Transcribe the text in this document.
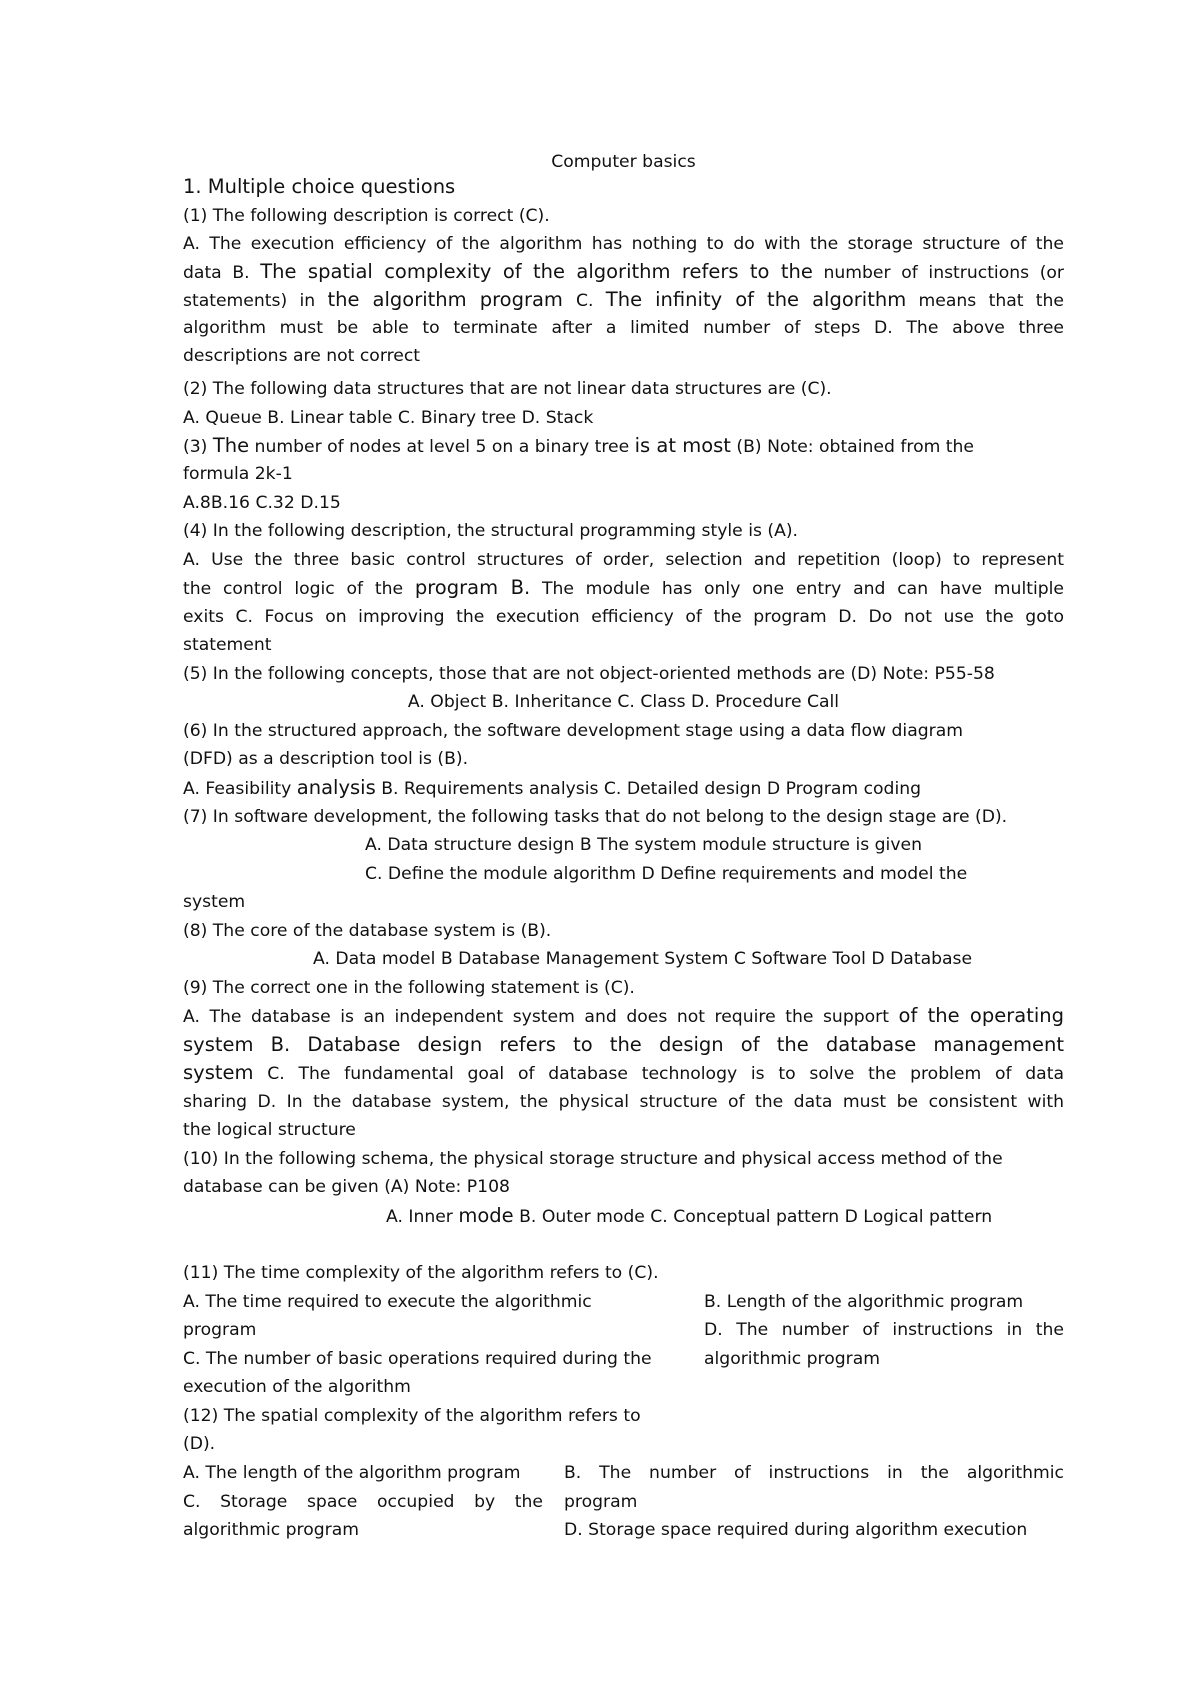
Computer basics
1. Multiple choice questions
(1) The following description is correct (C).
A. The execution efficiency of the algorithm has nothing to do with the storage structure of the
data B. The spatial complexity of the algorithm refers to the number of instructions (or
statements) in the algorithm program C. The infinity of the algorithm means that the
algorithm must be able to terminate after a limited number of steps D. The above three
descriptions are not correct
(2) The following data structures that are not linear data structures are (C).
A. Queue B. Linear table C. Binary tree D. Stack
(3) The number of nodes at level 5 on a binary tree is at most (B) Note: obtained from the
formula 2k-1
A.8B.16 C.32 D.15
(4) In the following description, the structural programming style is (A).
A. Use the three basic control structures of order, selection and repetition (loop) to represent
the control logic of the program B. The module has only one entry and can have multiple
exits C. Focus on improving the execution efficiency of the program D. Do not use the goto
statement
(5) In the following concepts, those that are not object-oriented methods are (D) Note: P55-58
A. Object B. Inheritance C. Class D. Procedure Call
(6) In the structured approach, the software development stage using a data flow diagram
(DFD) as a description tool is (B).
A. Feasibility analysis B. Requirements analysis C. Detailed design D Program coding
(7) In software development, the following tasks that do not belong to the design stage are (D).
A. Data structure design B The system module structure is given
C. Define the module algorithm D Define requirements and model the
system
(8) The core of the database system is (B).
A. Data model B Database Management System C Software Tool D Database
(9) The correct one in the following statement is (C).
A. The database is an independent system and does not require the support of the operating
system B. Database design refers to the design of the database management
system C. The fundamental goal of database technology is to solve the problem of data
sharing D. In the database system, the physical structure of the data must be consistent with
the logical structure
(10) In the following schema, the physical storage structure and physical access method of the
database can be given (A) Note: P108
A. Inner mode B. Outer mode C. Conceptual pattern D Logical pattern
(11) The time complexity of the algorithm refers to (C).
A. The time required to execute the algorithmic
program
C. The number of basic operations required during the
execution of the algorithm
B. Length of the algorithmic program
D. The number of instructions in the
algorithmic program
(12) The spatial complexity of the algorithm refers to
(D).
A. The length of the algorithm program
C. Storage space occupied by the
algorithmic program
B. The number of instructions in the algorithmic
program
D. Storage space required during algorithm execution
